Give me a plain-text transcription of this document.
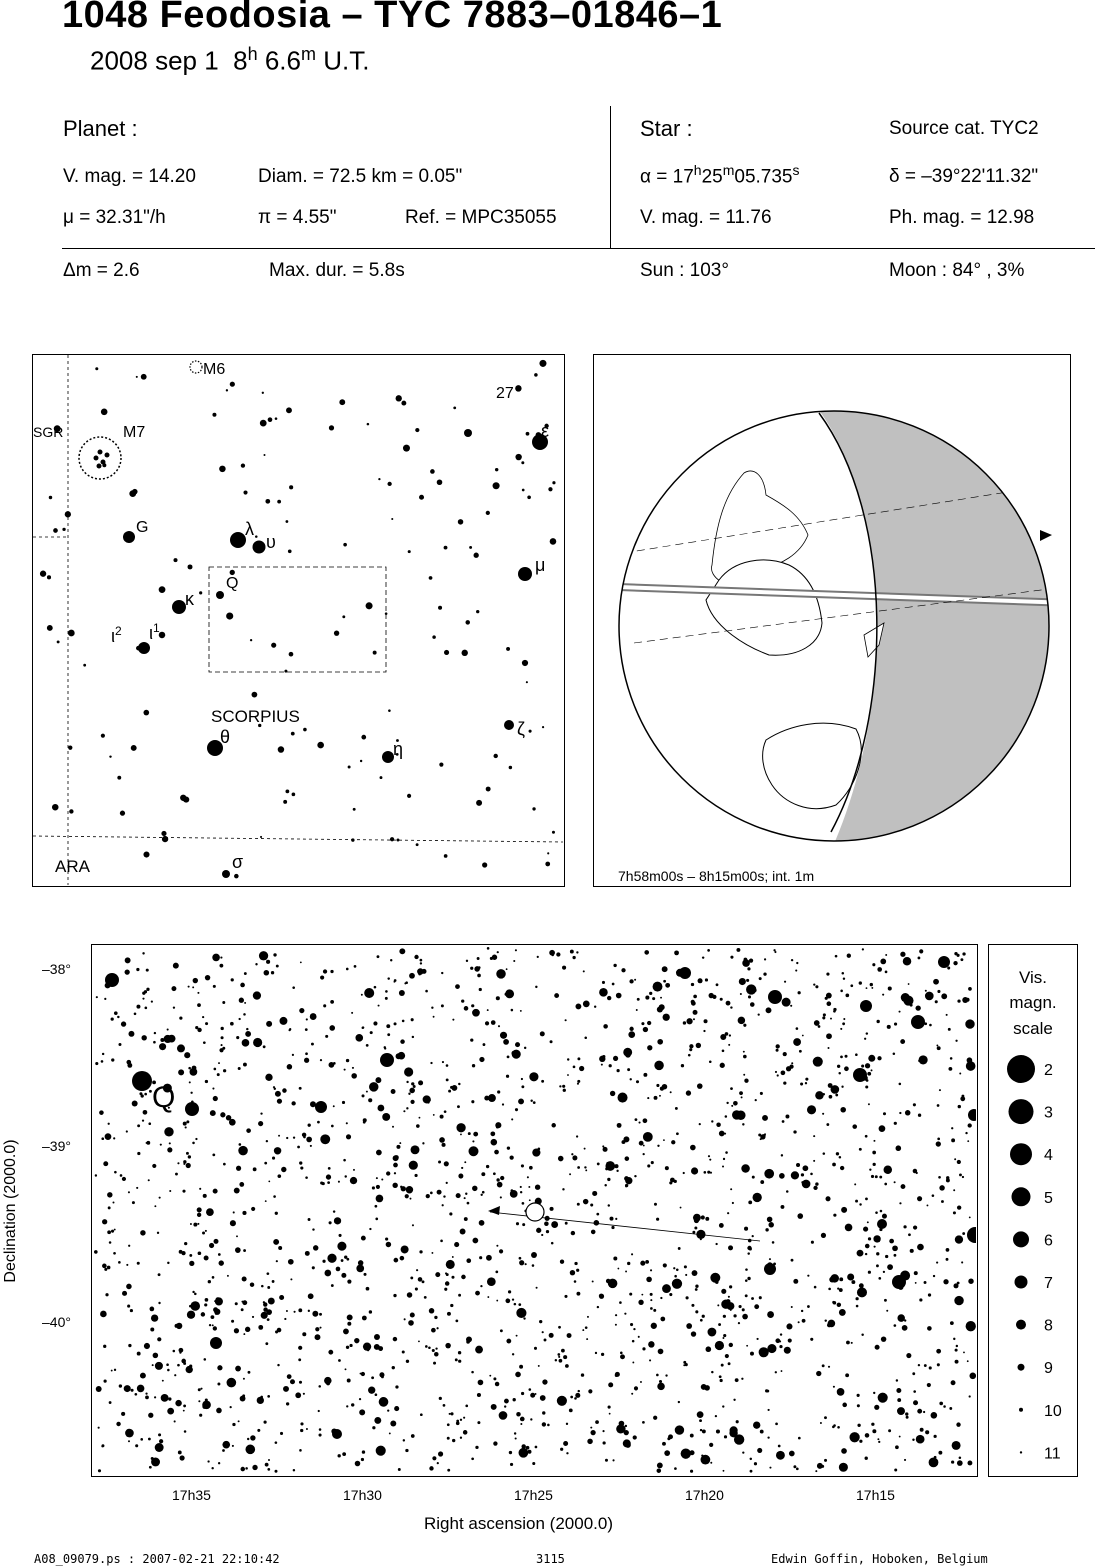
1048 Feodosia – TYC 7883–01846–1
2008 sep 1 8$^h$ 6.6$^m$ U.T.
Planet :
V. mag. = 14.20	Diam. = 72.5 km = 0.05"
μ = 32.31"/h	π = 4.55"	Ref. = MPC35055
Star :	Source cat. TYC2
$\alpha = 17^h25^m05.735^s$	δ = –39°22'11.32"
V. mag. = 11.76	Ph. mag. = 12.98
Δm = 2.6	Max. dur. = 5.8s	Sun : 103°	Moon : 84° , 3%
M6
M7
SGR
27
ε
G	λ
υ
μ
Q
κ
$\iota^2$ $\iota^1$
SCORPIUS
θ
η
ζ
ARA	σ
7h58m00s – 8h15m00s; int. 1m
Q
–38°
–39°
–40°
Declination (2000.0)
17h35	17h30	17h25	17h20	17h15
Right ascension (2000.0)
Vis.
magn.
scale
2
3
4
5
6
7
8
9
10
11
A08_09079.ps : 2007-02-21 22:10:42	3115	Edwin Goffin, Hoboken, Belgium
